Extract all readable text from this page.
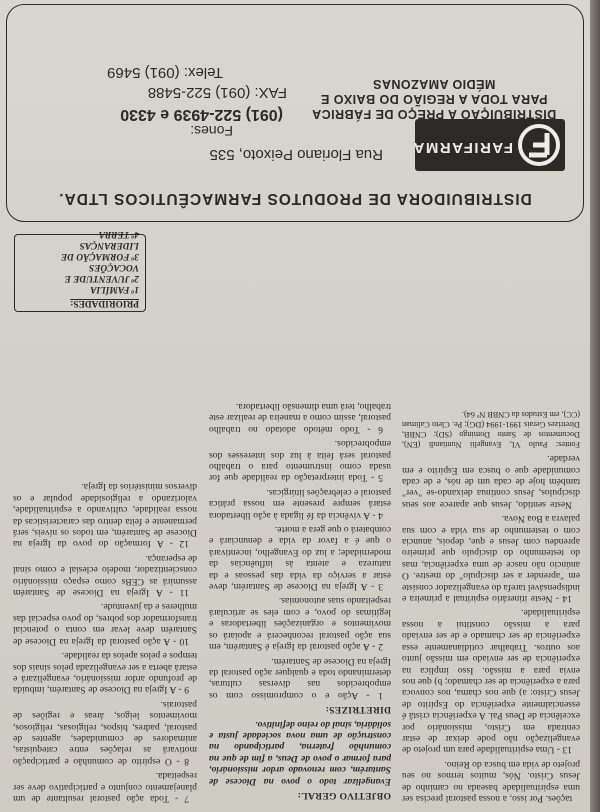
tações. Por isso, a nossa pastoral precisa ser uma espiritualidade baseada no caminho de Jesus Cristo. Nós, muitos termos no seu projeto de vida em busca do Reino.

13 - Uma espiritualidade para um projeto de evangelização não pode deixar de estar centrada em Cristo, missionário por excelência de Deus Pai. A experiência cristã é essencialmente experiência do Espírito de Jesus Cristo: a) que nos chama, nos convoca para a experiência de ser chamado; b) que nos envia para a missão. Isso implica na experiência de ser enviado em missão junto aos outros. Trabalhar cotidianamente essa experiência de ser chamado e de ser enviado para a missão constitui a nossa espiritualidade.

14 - Neste itinerário espiritual a primeira e indispensável tarefa do evangelizador consiste em "aprender a ser discípulo" do mestre. O anúncio não nasce de uma experiência, mas do testemunho do discípulo que primeiro aprendeu com Jesus e que, depois, anuncia com o testemunho de sua vida e com sua palavra a Boa Nova.

Neste sentido, Jesus que aparece aos seus discípulos, Jesus continua deixando-se "ver" também hoje de cada um de nós, e de cada comunidade que o busca em Espírito e em verdade.

Fontes: Paulo VI, Evangelii Nuntiandi (EN), Documentos de Santo Domingo (SD); CNBB, Diretrizes Gerais 1991-1994 (DG); Pe. Cleto Caliman (CC), em Estudos da CNBB Nº 64).

OBJETIVO GERAL:

Evangelizar todo o povo na Diocese de Santarém, com renovado ardor missionário, para formar o povo de Deus, a fim de que na comunhão fraterna, participando na construção de uma nova sociedade justa e solidária, sinal do reino definitivo.

DIRETRIZES:

1 - Ação e o compromisso com os empobrecidos nas diversas culturas, determinando toda e qualquer ação pastoral da Igreja na Diocese de Santarém.

2 - A ação pastoral da Igreja é Santarém, em sua ação pastoral reconhecerá e apoiará os movimentos e organizações libertadoras e legítimas do povo, e com eles se articulará respeitando suas autonomias.

3 - A Igreja na Diocese de Santarém, deve estar a serviço da vida das pessoas e da natureza e atenta às influências da modernidade; a luz do Evangelho, incentivará o que é a favor da vida e denunciará e combaterá o que gera a morte.

4 - A vivência da fé ligada à ação libertadora estará sempre presente em nossa prática pastoral e celebrações litúrgicas.

5 - Toda interpretação da realidade que for usada como instrumento para o trabalho pastoral será feita à luz dos interesses dos empobrecidos.

6 - Todo método adotado no trabalho pastoral, assim como a maneira de realizar este trabalho, terá uma dimensão libertadora.

7 - Toda ação pastoral resultante de um planejamento conjunto e participativo deve ser respeitada.

8 - O espírito de comunhão e participação motivará as relações entre catequistas, animadores de comunidades, agentes de pastoral, padres, bispos, religiosas, religiosos, movimentos leigos, áreas e regiões de pastorais.

9 - A Igreja na Diocese de Santarém, imbuída de profundo ardor missionário, evangelizará e estará aberta a ser evangelizada pelos sinais dos tempos e pelos apelos da realidade.

10 - A ação pastoral da Igreja na Diocese de Santarém deve levar em conta o potencial transformador dos pobres, do povo especial das mulheres e da juventude.

11 - A Igreja na Diocese de Santarém assumirá as CEBs como espaço missionário conscientizador, modelo eclesial e como sinal de esperança.

12 - A formação do povo da Igreja na Diocese de Santarém, em todos os níveis, será permanente e feita dentro das características da nossa realidade, cultivando a espiritualidade, valorizando a religiosidade popular e os diversos ministérios da Igreja.

PRIORIDADES:
1ª FAMÍLIA
2ª JUVENTUDE E VOCAÇÕES
3ª FORMAÇÃO DE LIDERANÇAS
4ª TERRA
DISTRIBUIDORA DE PRODUTOS FARMACÊUTICOS LTDA.
FARIFARMA
Rua Floriano Peixoto, 535
Fones:
(091) 522-4939 e 4330
FAX: (091) 522-5488
Telex: (091) 5469
DISTRIBUIÇÃO A PREÇO DE FÁBRICA
PARA TODA A REGIÃO DO BAIXO E
MÉDIO AMAZONAS
